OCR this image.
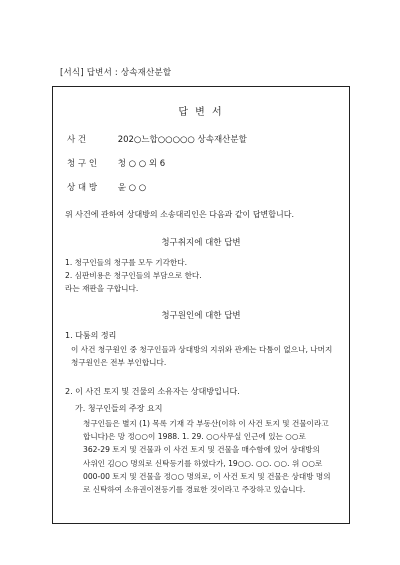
[서식] 답변서 : 상속재산분할
답 변 서
사 건	202○느합○○○○○ 상속재산분할
청 구 인 청 ○ ○ 외 6
상 대 방 윤 ○ ○
위 사건에 관하여 상대방의 소송대리인은 다음과 같이 답변합니다.
청구취지에 대한 답변
1. 청구인들의 청구를 모두 기각한다.
2. 심판비용은 청구인들의 부담으로 한다.
라는 재판을 구합니다.
청구원인에 대한 답변
1. 다툼의 정리
이 사건 청구원인 중 청구인들과 상대방의 지위와 관계는 다툼이 없으나, 나머지
청구원인은 전부 부인합니다.
2. 이 사건 토지 및 건물의 소유자는 상대방입니다.
가. 청구인들의 주장 요지
청구인들은 별지 (1) 목록 기재 각 부동산(이하 이 사건 토지 및 건물이라고
합니다)은 망 정○○이 1988. 1. 29. ○○사무실 인근에 있는 ○○로
362-29 토지 및 건물과 이 사건 토지 및 건물을 매수함에 있어 상대방의
사위인 김○○ 명의로 신탁등기를 하였다가, 19○○. ○○. ○○. 위 ○○로
000-00 토지 및 건물을 정○○ 명의로, 이 사건 토지 및 건물은 상대방 명의
로 신탁하여 소유권이전등기를 경료한 것이라고 주장하고 있습니다.
